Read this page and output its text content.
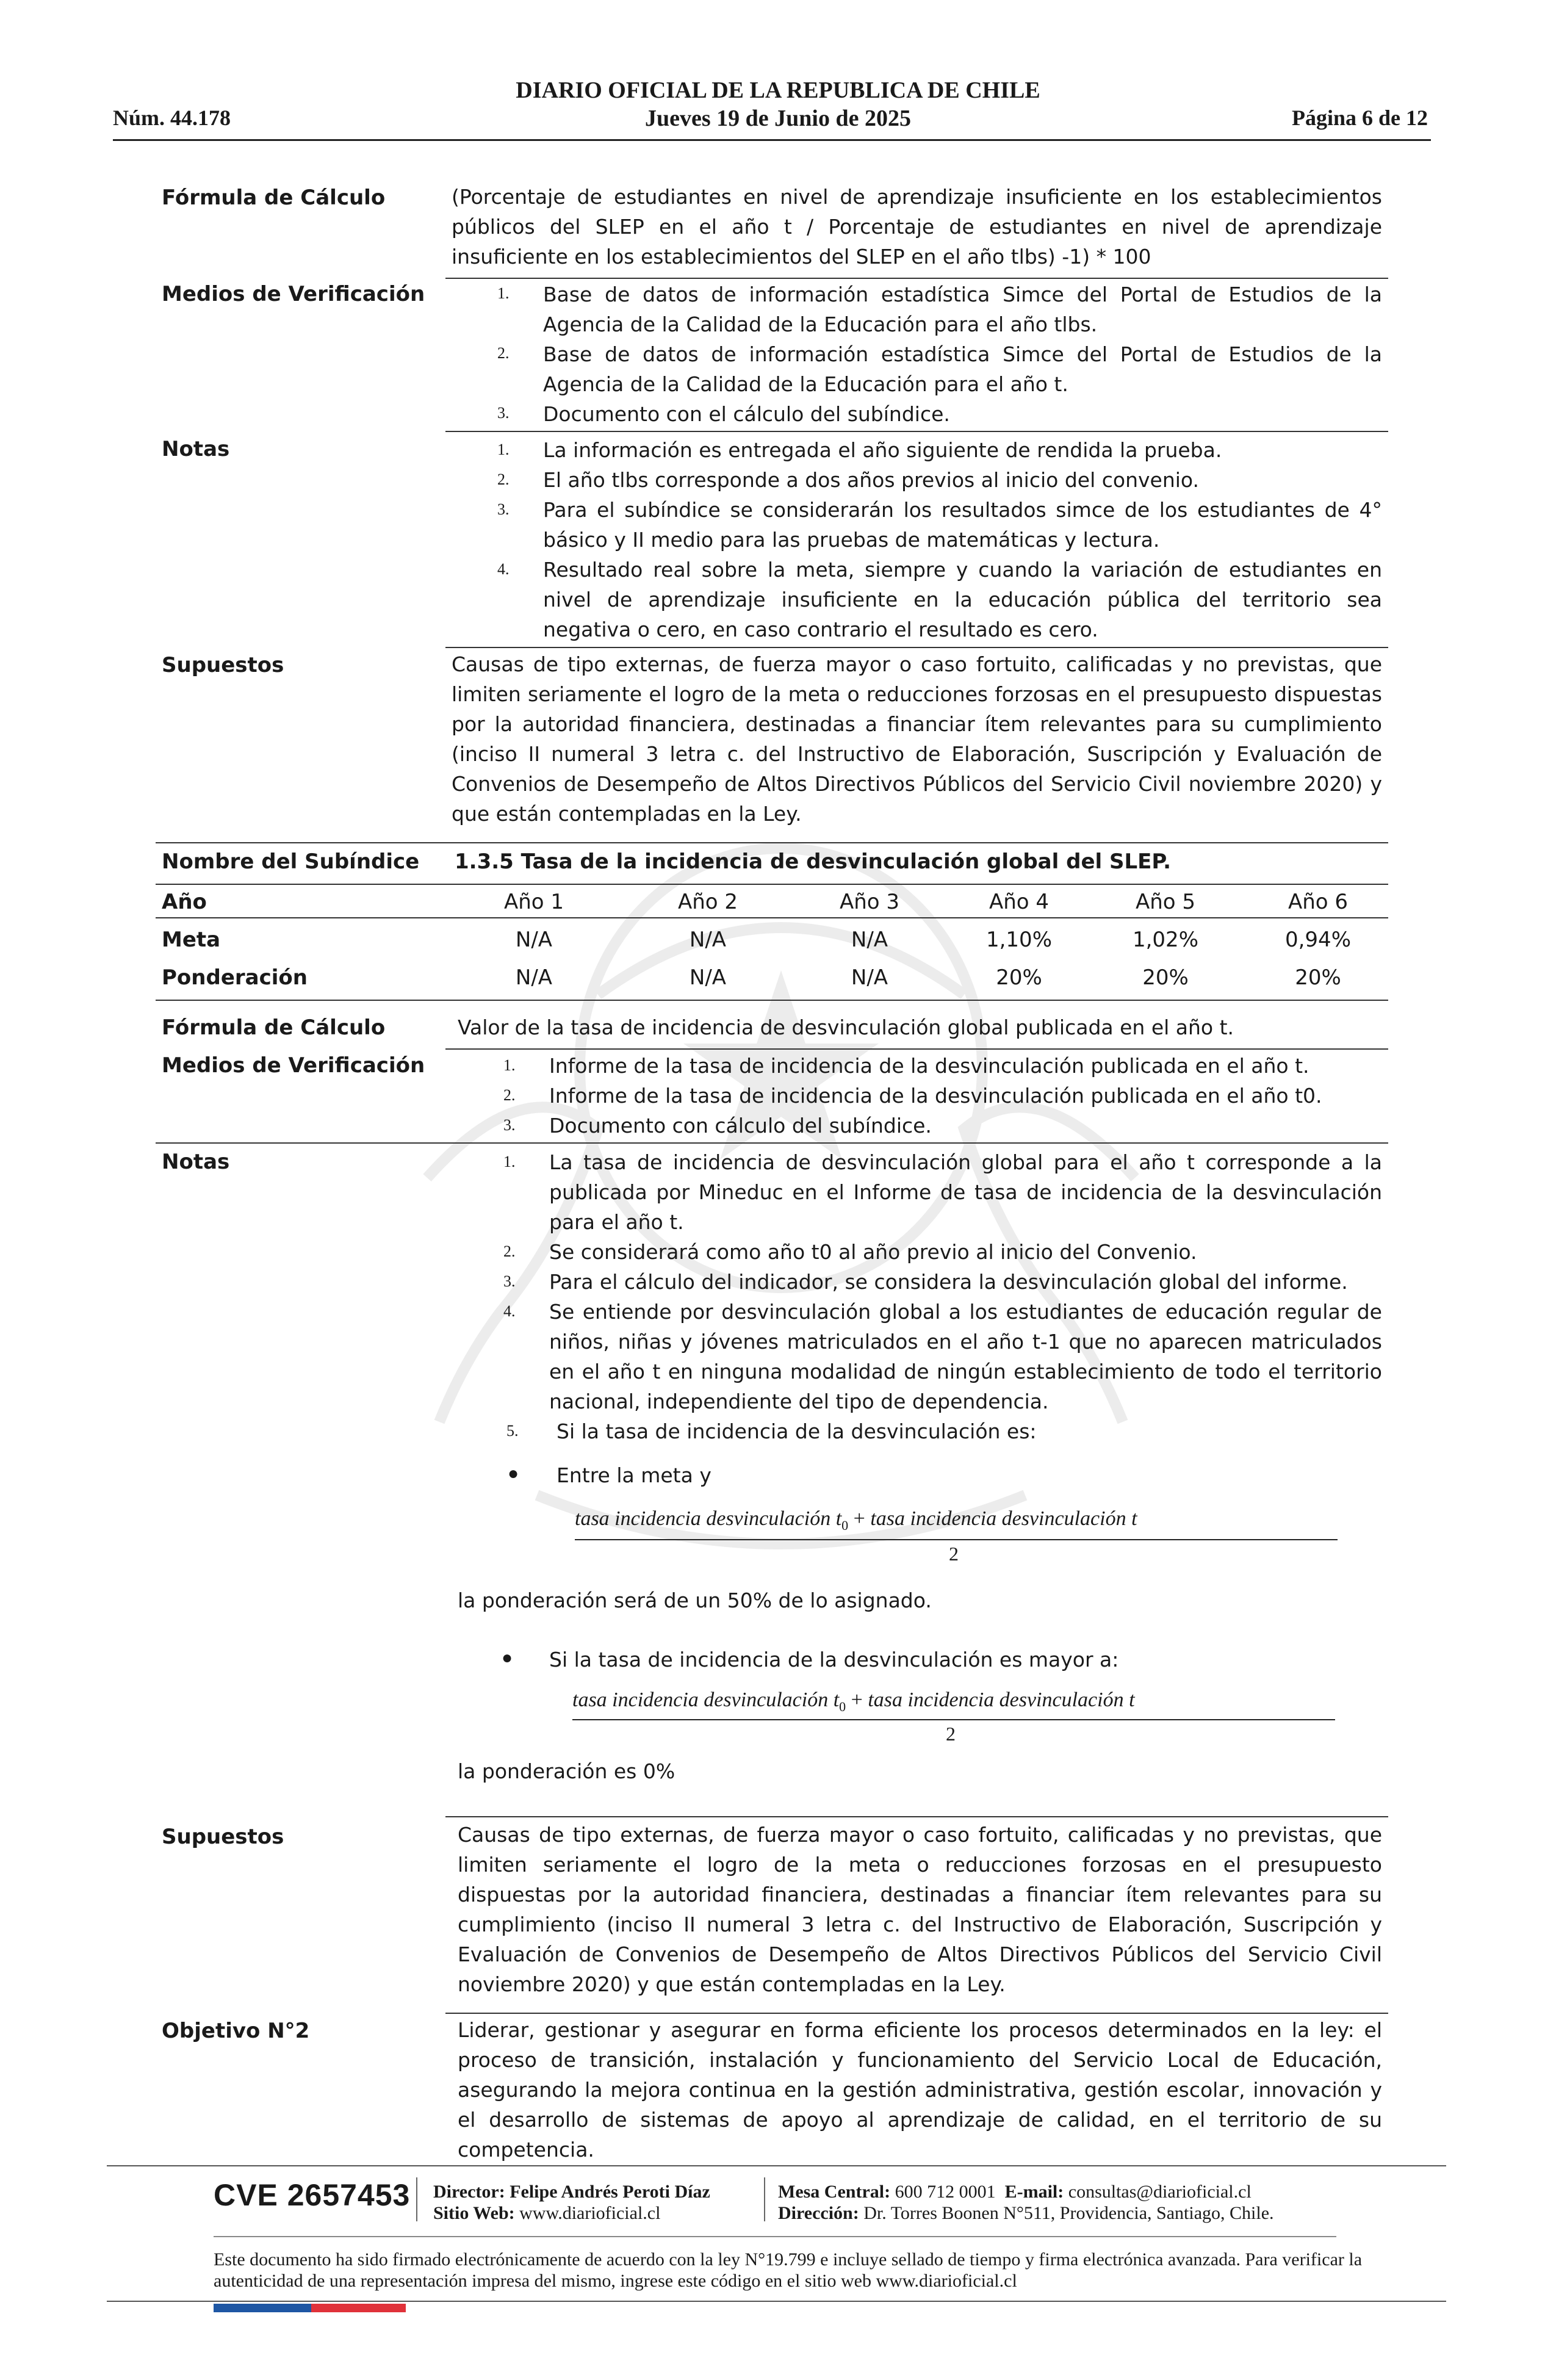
DIARIO OFICIAL DE LA REPUBLICA DE CHILE
Jueves 19 de Junio de 2025
Núm. 44.178	Página 6 de 12
Fórmula de Cálculo	(Porcentaje de estudiantes en nivel de aprendizaje insuficiente en los establecimientos públicos del SLEP en el año t / Porcentaje de estudiantes en nivel de aprendizaje insuficiente en los establecimientos del SLEP en el año tlbs) -1) * 100
Medios de Verificación	1. Base de datos de información estadística Simce del Portal de Estudios de la Agencia de la Calidad de la Educación para el año tlbs.
2. Base de datos de información estadística Simce del Portal de Estudios de la Agencia de la Calidad de la Educación para el año t.
3. Documento con el cálculo del subíndice.
Notas	1. La información es entregada el año siguiente de rendida la prueba.
2. El año tlbs corresponde a dos años previos al inicio del convenio.
3. Para el subíndice se considerarán los resultados simce de los estudiantes de 4° básico y II medio para las pruebas de matemáticas y lectura.
4. Resultado real sobre la meta, siempre y cuando la variación de estudiantes en nivel de aprendizaje insuficiente en la educación pública del territorio sea negativa o cero, en caso contrario el resultado es cero.
Supuestos	Causas de tipo externas, de fuerza mayor o caso fortuito, calificadas y no previstas, que limiten seriamente el logro de la meta o reducciones forzosas en el presupuesto dispuestas por la autoridad financiera, destinadas a financiar ítem relevantes para su cumplimiento (inciso II numeral 3 letra c. del Instructivo de Elaboración, Suscripción y Evaluación de Convenios de Desempeño de Altos Directivos Públicos del Servicio Civil noviembre 2020) y que están contempladas en la Ley.
Nombre del Subíndice 1.3.5 Tasa de la incidencia de desvinculación global del SLEP.
Año	Año 1	Año 2	Año 3	Año 4	Año 5	Año 6
Meta	N/A	N/A	N/A	1,10%	1,02%	0,94%
Ponderación	N/A	N/A	N/A	20%	20%	20%
Fórmula de Cálculo	Valor de la tasa de incidencia de desvinculación global publicada en el año t.
Medios de Verificación	1. Informe de la tasa de incidencia de la desvinculación publicada en el año t.
2. Informe de la tasa de incidencia de la desvinculación publicada en el año t0.
3. Documento con cálculo del subíndice.
Notas	1. La tasa de incidencia de desvinculación global para el año t corresponde a la publicada por Mineduc en el Informe de tasa de incidencia de la desvinculación para el año t.
2. Se considerará como año t0 al año previo al inicio del Convenio.
3. Para el cálculo del indicador, se considera la desvinculación global del informe.
4. Se entiende por desvinculación global a los estudiantes de educación regular de niños, niñas y jóvenes matriculados en el año t-1 que no aparecen matriculados en el año t en ninguna modalidad de ningún establecimiento de todo el territorio nacional, independiente del tipo de dependencia.
5. Si la tasa de incidencia de la desvinculación es:
● Entre la meta y
tasa incidencia desvinculación $t_0$ + tasa incidencia desvinculación t
2
la ponderación será de un 50% de lo asignado.
● Si la tasa de incidencia de la desvinculación es mayor a:
tasa incidencia desvinculación $t_0$ + tasa incidencia desvinculación t
2
la ponderación es 0%
Supuestos	Causas de tipo externas, de fuerza mayor o caso fortuito, calificadas y no previstas, que limiten seriamente el logro de la meta o reducciones forzosas en el presupuesto dispuestas por la autoridad financiera, destinadas a financiar ítem relevantes para su cumplimiento (inciso II numeral 3 letra c. del Instructivo de Elaboración, Suscripción y Evaluación de Convenios de Desempeño de Altos Directivos Públicos del Servicio Civil noviembre 2020) y que están contempladas en la Ley.
Objetivo N°2	Liderar, gestionar y asegurar en forma eficiente los procesos determinados en la ley: el proceso de transición, instalación y funcionamiento del Servicio Local de Educación, asegurando la mejora continua en la gestión administrativa, gestión escolar, innovación y el desarrollo de sistemas de apoyo al aprendizaje de calidad, en el territorio de su competencia.
CVE 2657453 Director: Felipe Andrés Peroti Díaz
Sitio Web: www.diarioficial.cl
Mesa Central: 600 712 0001 E-mail: consultas@diarioficial.cl
Dirección: Dr. Torres Boonen N°511, Providencia, Santiago, Chile.
Este documento ha sido firmado electrónicamente de acuerdo con la ley N°19.799 e incluye sellado de tiempo y firma electrónica avanzada. Para verificar la autenticidad de una representación impresa del mismo, ingrese este código en el sitio web www.diarioficial.cl
